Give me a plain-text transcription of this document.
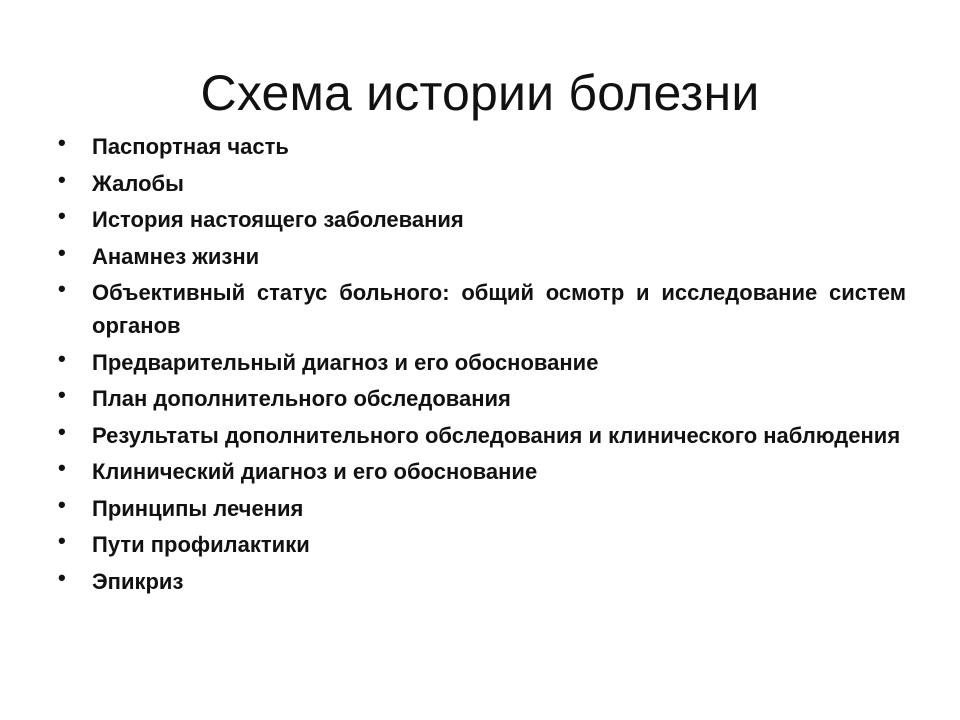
Схема истории болезни
•	Паспортная часть
•	Жалобы
•	История настоящего заболевания
•	Анамнез жизни
•	Объективный статус больного: общий осмотр и исследование систем органов
•	Предварительный диагноз и его обоснование
•	План дополнительного обследования
•	Результаты дополнительного обследования и клинического наблюдения
•	Клинический диагноз и его обоснование
•	Принципы лечения
•	Пути профилактики
•	Эпикриз
